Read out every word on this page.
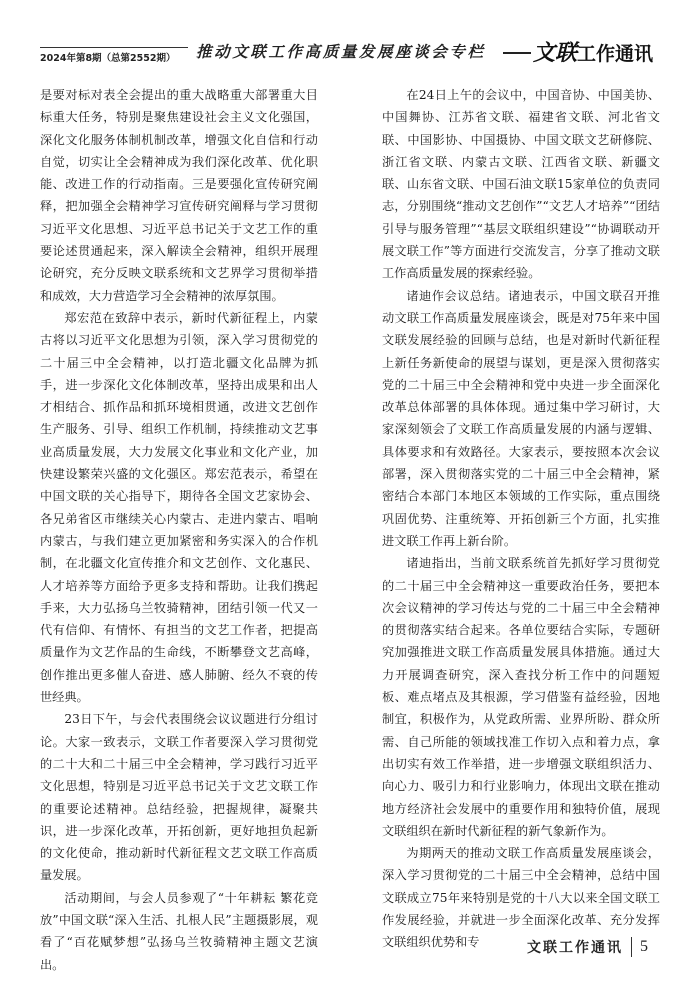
2024年第8期（总第2552期） 推动文联工作高质量发展座谈会专栏 文联工作通讯

是要对标对表全会提出的重大战略重大部署重大目标重大任务，特别是聚焦建设社会主义文化强国，深化文化服务体制机制改革，增强文化自信和行动自觉，切实让全会精神成为我们深化改革、优化职能、改进工作的行动指南。三是要强化宣传研究阐释，把加强全会精神学习宣传研究阐释与学习贯彻习近平文化思想、习近平总书记关于文艺工作的重要论述贯通起来，深入解读全会精神，组织开展理论研究，充分反映文联系统和文艺界学习贯彻举措和成效，大力营造学习全会精神的浓厚氛围。

郑宏范在致辞中表示，新时代新征程上，内蒙古将以习近平文化思想为引领，深入学习贯彻党的二十届三中全会精神，以打造北疆文化品牌为抓手，进一步深化文化体制改革，坚持出成果和出人才相结合、抓作品和抓环境相贯通，改进文艺创作生产服务、引导、组织工作机制，持续推动文艺事业高质量发展，大力发展文化事业和文化产业，加快建设繁荣兴盛的文化强区。郑宏范表示，希望在中国文联的关心指导下，期待各全国文艺家协会、各兄弟省区市继续关心内蒙古、走进内蒙古、唱响内蒙古，与我们建立更加紧密和务实深入的合作机制，在北疆文化宣传推介和文艺创作、文化惠民、人才培养等方面给予更多支持和帮助。让我们携起手来，大力弘扬乌兰牧骑精神，团结引领一代又一代有信仰、有情怀、有担当的文艺工作者，把提高质量作为文艺作品的生命线，不断攀登文艺高峰，创作推出更多催人奋进、感人肺腑、经久不衰的传世经典。

23日下午，与会代表围绕会议议题进行分组讨论。大家一致表示，文联工作者要深入学习贯彻党的二十大和二十届三中全会精神，学习践行习近平文化思想，特别是习近平总书记关于文艺文联工作的重要论述精神。总结经验，把握规律，凝聚共识，进一步深化改革，开拓创新，更好地担负起新的文化使命，推动新时代新征程文艺文联工作高质量发展。

活动期间，与会人员参观了“十年耕耘 繁花竞放”中国文联“深入生活、扎根人民”主题摄影展，观看了“百花赋梦想”弘扬乌兰牧骑精神主题文艺演出。

在24日上午的会议中，中国音协、中国美协、中国舞协、江苏省文联、福建省文联、河北省文联、中国影协、中国摄协、中国文联文艺研修院、浙江省文联、内蒙古文联、江西省文联、新疆文联、山东省文联、中国石油文联15家单位的负责同志，分别围绕“推动文艺创作”“文艺人才培养”“团结引导与服务管理”“基层文联组织建设”“协调联动开展文联工作”等方面进行交流发言，分享了推动文联工作高质量发展的探索经验。

诸迪作会议总结。诸迪表示，中国文联召开推动文联工作高质量发展座谈会，既是对75年来中国文联发展经验的回顾与总结，也是对新时代新征程上新任务新使命的展望与谋划，更是深入贯彻落实党的二十届三中全会精神和党中央进一步全面深化改革总体部署的具体体现。通过集中学习研讨，大家深刻领会了文联工作高质量发展的内涵与逻辑、具体要求和有效路径。大家表示，要按照本次会议部署，深入贯彻落实党的二十届三中全会精神，紧密结合本部门本地区本领域的工作实际，重点围绕巩固优势、注重统筹、开拓创新三个方面，扎实推进文联工作再上新台阶。

诸迪指出，当前文联系统首先抓好学习贯彻党的二十届三中全会精神这一重要政治任务，要把本次会议精神的学习传达与党的二十届三中全会精神的贯彻落实结合起来。各单位要结合实际，专题研究加强推进文联工作高质量发展具体措施。通过大力开展调查研究，深入查找分析工作中的问题短板、难点堵点及其根源，学习借鉴有益经验，因地制宜，积极作为，从党政所需、业界所盼、群众所需、自己所能的领域找准工作切入点和着力点，拿出切实有效工作举措，进一步增强文联组织活力、向心力、吸引力和行业影响力，体现出文联在推动地方经济社会发展中的重要作用和独特价值，展现文联组织在新时代新征程的新气象新作为。

为期两天的推动文联工作高质量发展座谈会，深入学习贯彻党的二十届三中全会精神，总结中国文联成立75年来特别是党的十八大以来全国文联工作发展经验，并就进一步全面深化改革、充分发挥文联组织优势和专	文联工作通讯 5
